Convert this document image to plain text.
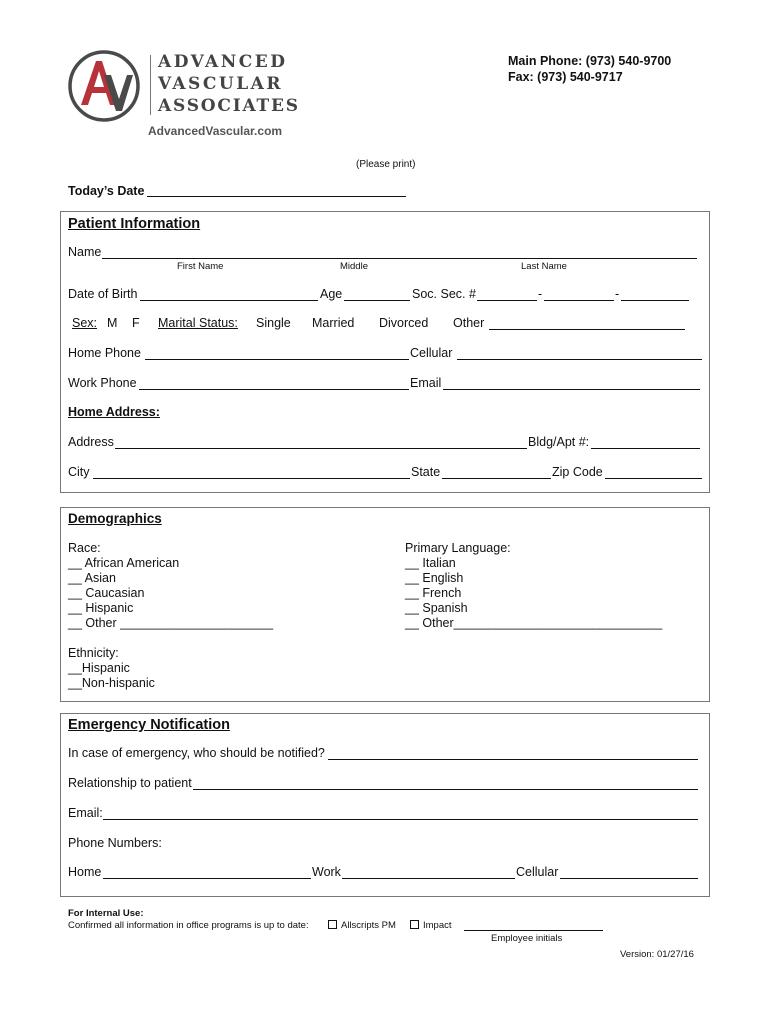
ADVANCED
VASCULAR
ASSOCIATES
AdvancedVascular.com
Main Phone: (973) 540-9700
Fax: (973) 540-9717
(Please print)
Today’s Date
Patient Information
Name
First Name	Middle	Last Name
Date of Birth	Age	Soc. Sec. #	-	-
Sex: M F Marital Status: Single Married Divorced Other
Home Phone	Cellular
Work Phone	Email
Home Address:
Address	Bldg/Apt #:
City	State	Zip Code
Demographics
Race:
__ African American
__ Asian
__ Caucasian
__ Hispanic
__ Other ______________________
Primary Language:
__ Italian
__ English
__ French
__ Spanish
__ Other______________________________
Ethnicity:
__Hispanic
__Non-hispanic
Emergency Notification
In case of emergency, who should be notified?
Relationship to patient
Email:
Phone Numbers:
Home	Work	Cellular
For Internal Use:
Confirmed all information in office programs is up to date:	Allscripts PM	Impact
Employee initials
Version: 01/27/16
